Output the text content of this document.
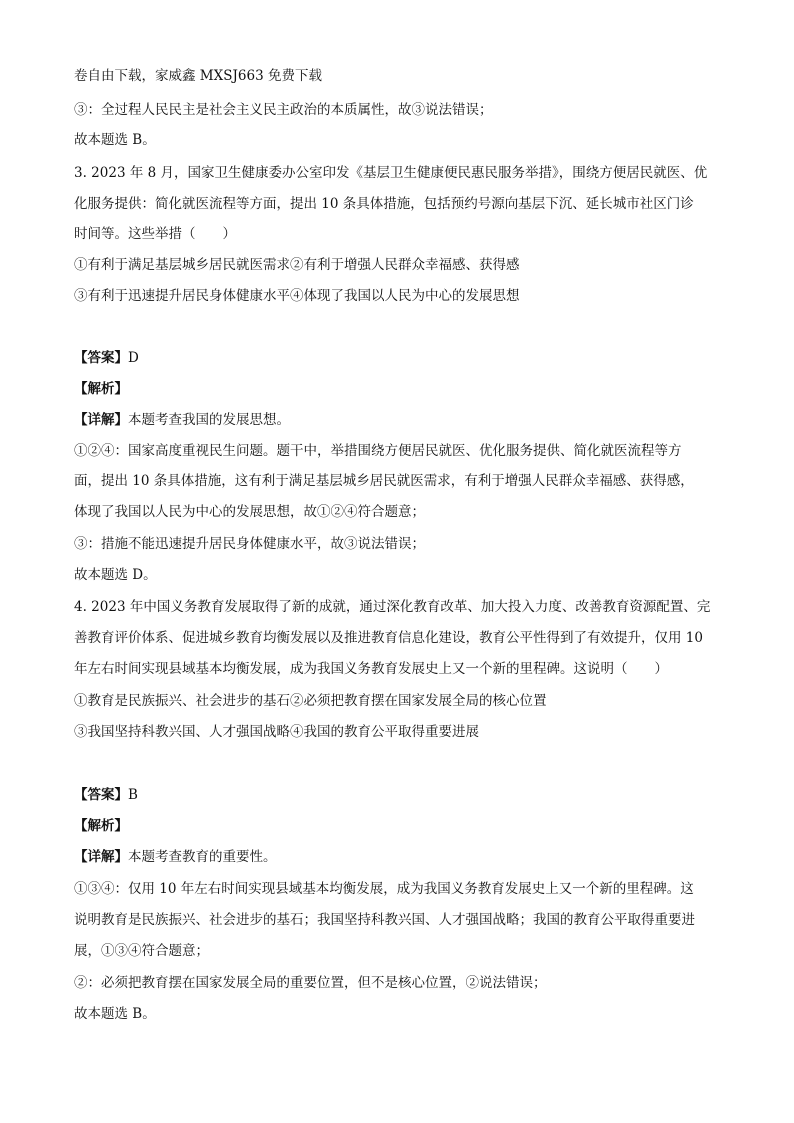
卷自由下载，家威鑫 MXSJ663 免费下载
③：全过程人民民主是社会主义民主政治的本质属性，故③说法错误；
故本题选 B。
3. 2023 年 8 月，国家卫生健康委办公室印发《基层卫生健康便民惠民服务举措》，围绕方便居民就医、优
化服务提供：简化就医流程等方面，提出 10 条具体措施，包括预约号源向基层下沉、延长城市社区门诊
时间等。这些举措（　　）
①有利于满足基层城乡居民就医需求②有利于增强人民群众幸福感、获得感
③有利于迅速提升居民身体健康水平④体现了我国以人民为中心的发展思想
【答案】D
【解析】
【详解】本题考查我国的发展思想。
①②④：国家高度重视民生问题。题干中，举措围绕方便居民就医、优化服务提供、简化就医流程等方
面，提出 10 条具体措施，这有利于满足基层城乡居民就医需求，有利于增强人民群众幸福感、获得感，
体现了我国以人民为中心的发展思想，故①②④符合题意；
③：措施不能迅速提升居民身体健康水平，故③说法错误；
故本题选 D。
4. 2023 年中国义务教育发展取得了新的成就，通过深化教育改革、加大投入力度、改善教育资源配置、完
善教育评价体系、促进城乡教育均衡发展以及推进教育信息化建设，教育公平性得到了有效提升，仅用 10
年左右时间实现县域基本均衡发展，成为我国义务教育发展史上又一个新的里程碑。这说明（　　）
①教育是民族振兴、社会进步的基石②必须把教育摆在国家发展全局的核心位置
③我国坚持科教兴国、人才强国战略④我国的教育公平取得重要进展
【答案】B
【解析】
【详解】本题考查教育的重要性。
①③④：仅用 10 年左右时间实现县域基本均衡发展，成为我国义务教育发展史上又一个新的里程碑。这
说明教育是民族振兴、社会进步的基石；我国坚持科教兴国、人才强国战略；我国的教育公平取得重要进
展，①③④符合题意；
②：必须把教育摆在国家发展全局的重要位置，但不是核心位置，②说法错误；
故本题选 B。
